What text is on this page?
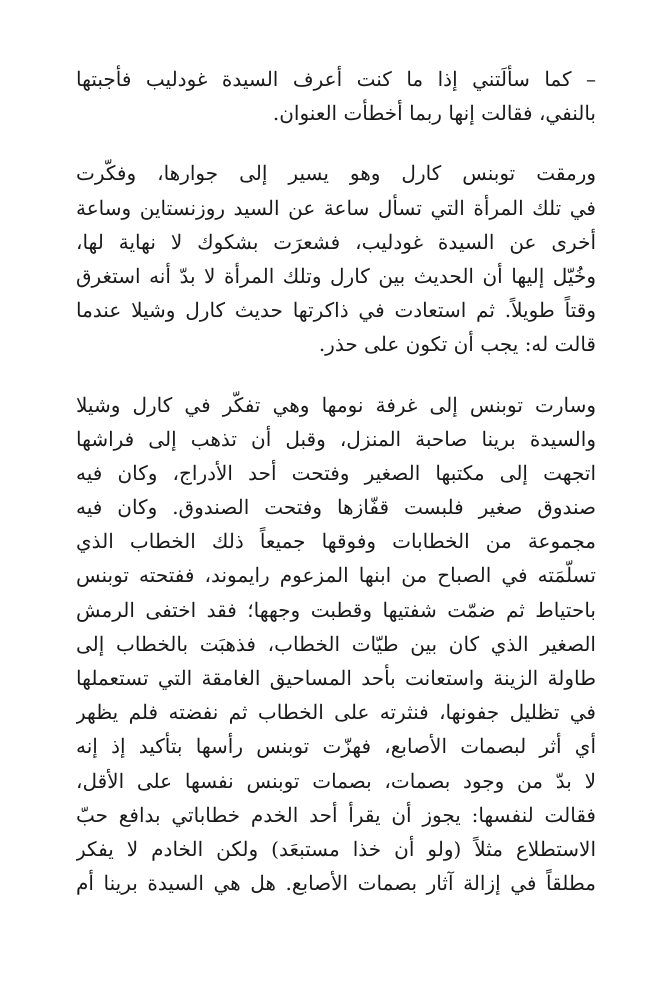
– كما سألَتني إذا ما كنت أعرف السيدة غودليب فأجبتها
بالنفي، فقالت إنها ربما أخطأت العنوان.
ورمقت توبنس كارل وهو يسير إلى جوارها، وفكّرت
في تلك المرأة التي تسأل ساعة عن السيد روزنستاين وساعة
أخرى عن السيدة غودليب، فشعرَت بشكوك لا نهاية لها،
وخُيّل إليها أن الحديث بين كارل وتلك المرأة لا بدّ أنه استغرق
وقتاً طويلاً. ثم استعادت في ذاكرتها حديث كارل وشيلا عندما
قالت له: يجب أن تكون على حذر.
وسارت توبنس إلى غرفة نومها وهي تفكّر في كارل وشيلا
والسيدة برينا صاحبة المنزل، وقبل أن تذهب إلى فراشها
اتجهت إلى مكتبها الصغير وفتحت أحد الأدراج، وكان فيه
صندوق صغير فلبست قفّازها وفتحت الصندوق. وكان فيه
مجموعة من الخطابات وفوقها جميعاً ذلك الخطاب الذي
تسلّمَته في الصباح من ابنها المزعوم رايموند، ففتحته توبنس
باحتياط ثم ضمّت شفتيها وقطبت وجهها؛ فقد اختفى الرمش
الصغير الذي كان بين طيّات الخطاب، فذهبَت بالخطاب إلى
طاولة الزينة واستعانت بأحد المساحيق الغامقة التي تستعملها
في تظليل جفونها، فنثرته على الخطاب ثم نفضته فلم يظهر
أي أثر لبصمات الأصابع، فهزّت توبنس رأسها بتأكيد إذ إنه
لا بدّ من وجود بصمات، بصمات توبنس نفسها على الأقل،
فقالت لنفسها: يجوز أن يقرأ أحد الخدم خطاباتي بدافع حبّ
الاستطلاع مثلاً (ولو أن خذا مستبعَد) ولكن الخادم لا يفكر
مطلقاً في إزالة آثار بصمات الأصابع. هل هي السيدة برينا أم
